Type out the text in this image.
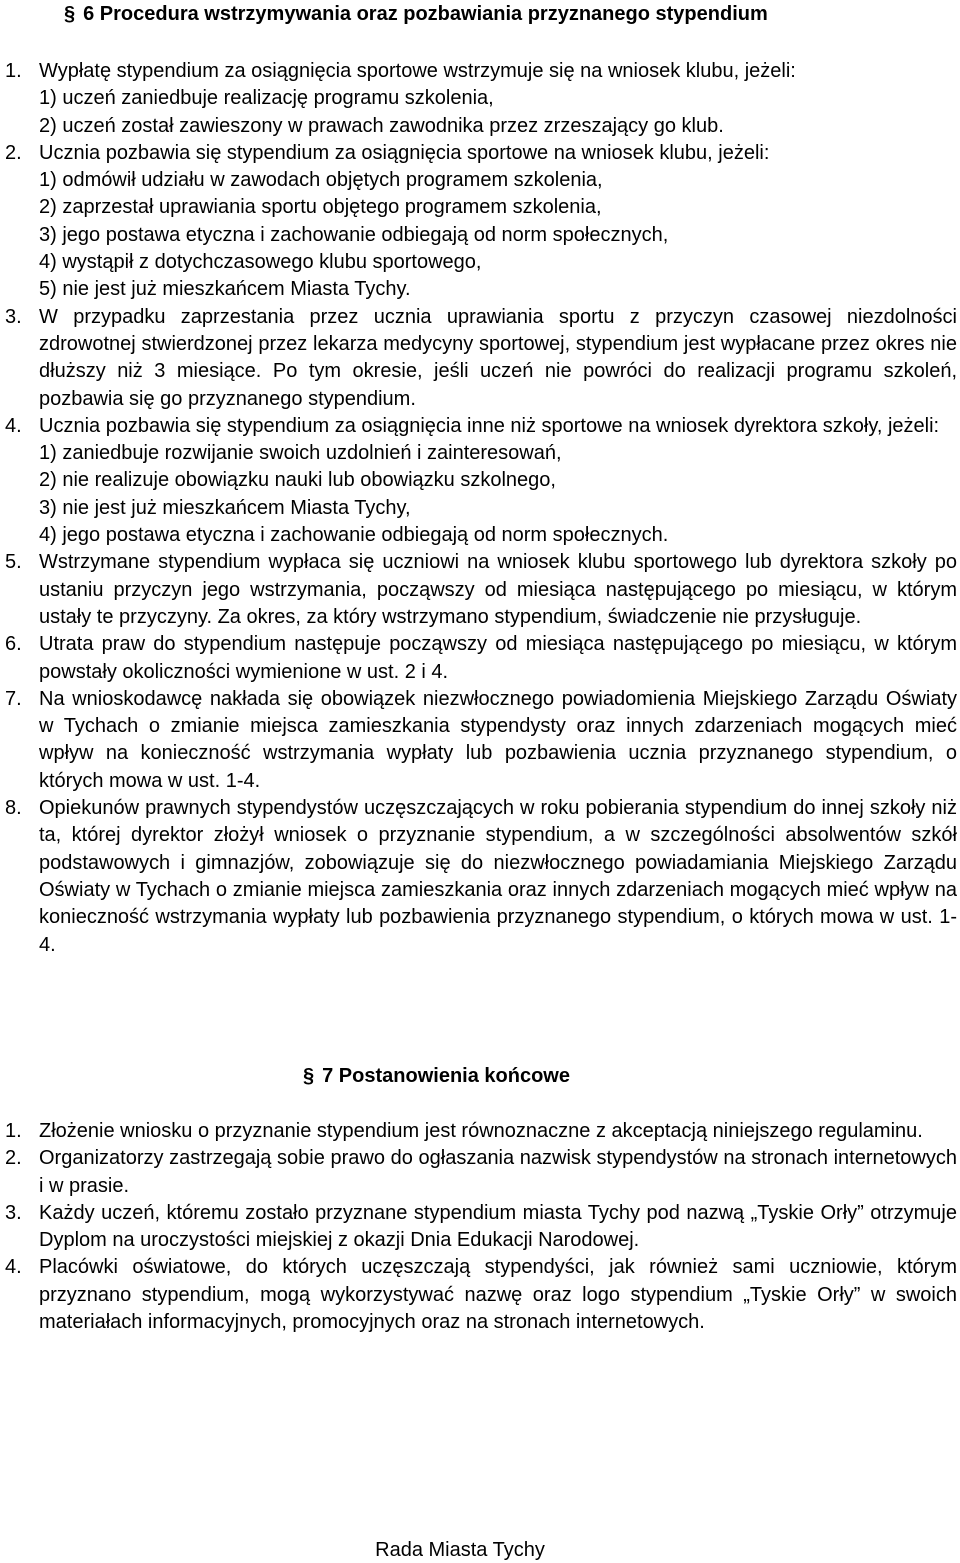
§ 6 Procedura wstrzymywania oraz pozbawiania przyznanego stypendium
1. Wypłatę stypendium za osiągnięcia sportowe wstrzymuje się na wniosek klubu, jeżeli:
1) uczeń zaniedbuje realizację programu szkolenia,
2) uczeń został zawieszony w prawach zawodnika przez zrzeszający go klub.
2. Ucznia pozbawia się stypendium za osiągnięcia sportowe na wniosek klubu, jeżeli:
1) odmówił udziału w zawodach objętych programem szkolenia,
2) zaprzestał uprawiania sportu objętego programem szkolenia,
3) jego postawa etyczna i zachowanie odbiegają od norm społecznych,
4) wystąpił z dotychczasowego klubu sportowego,
5) nie jest już mieszkańcem Miasta Tychy.
3. W przypadku zaprzestania przez ucznia uprawiania sportu z przyczyn czasowej niezdolności zdrowotnej stwierdzonej przez lekarza medycyny sportowej, stypendium jest wypłacane przez okres nie dłuższy niż 3 miesiące. Po tym okresie, jeśli uczeń nie powróci do realizacji programu szkoleń, pozbawia się go przyznanego stypendium.
4. Ucznia pozbawia się stypendium za osiągnięcia inne niż sportowe na wniosek dyrektora szkoły, jeżeli:
1) zaniedbuje rozwijanie swoich uzdolnień i zainteresowań,
2) nie realizuje obowiązku nauki lub obowiązku szkolnego,
3) nie jest już mieszkańcem Miasta Tychy,
4) jego postawa etyczna i zachowanie odbiegają od norm społecznych.
5. Wstrzymane stypendium wypłaca się uczniowi na wniosek klubu sportowego lub dyrektora szkoły po ustaniu przyczyn jego wstrzymania, począwszy od miesiąca następującego po miesiącu, w którym ustały te przyczyny. Za okres, za który wstrzymano stypendium, świadczenie nie przysługuje.
6. Utrata praw do stypendium następuje począwszy od miesiąca następującego po miesiącu, w którym powstały okoliczności wymienione w ust. 2 i 4.
7. Na wnioskodawcę nakłada się obowiązek niezwłocznego powiadomienia Miejskiego Zarządu Oświaty w Tychach o zmianie miejsca zamieszkania stypendysty oraz innych zdarzeniach mogących mieć wpływ na konieczność wstrzymania wypłaty lub pozbawienia ucznia przyznanego stypendium, o których mowa w ust. 1-4.
8. Opiekunów prawnych stypendystów uczęszczających w roku pobierania stypendium do innej szkoły niż ta, której dyrektor złożył wniosek o przyznanie stypendium, a w szczególności absolwentów szkół podstawowych i gimnazjów, zobowiązuje się do niezwłocznego powiadamiania Miejskiego Zarządu Oświaty w Tychach o zmianie miejsca zamieszkania oraz innych zdarzeniach mogących mieć wpływ na konieczność wstrzymania wypłaty lub pozbawienia przyznanego stypendium, o których mowa w ust. 1-4.
§ 7 Postanowienia końcowe
1. Złożenie wniosku o przyznanie stypendium jest równoznaczne z akceptacją niniejszego regulaminu.
2. Organizatorzy zastrzegają sobie prawo do ogłaszania nazwisk stypendystów na stronach internetowych i w prasie.
3. Każdy uczeń, któremu zostało przyznane stypendium miasta Tychy pod nazwą „Tyskie Orły” otrzymuje Dyplom na uroczystości miejskiej z okazji Dnia Edukacji Narodowej.
4. Placówki oświatowe, do których uczęszczają stypendyści, jak również sami uczniowie, którym przyznano stypendium, mogą wykorzystywać nazwę oraz logo stypendium „Tyskie Orły” w swoich materiałach informacyjnych, promocyjnych oraz na stronach internetowych.
Rada Miasta Tychy
